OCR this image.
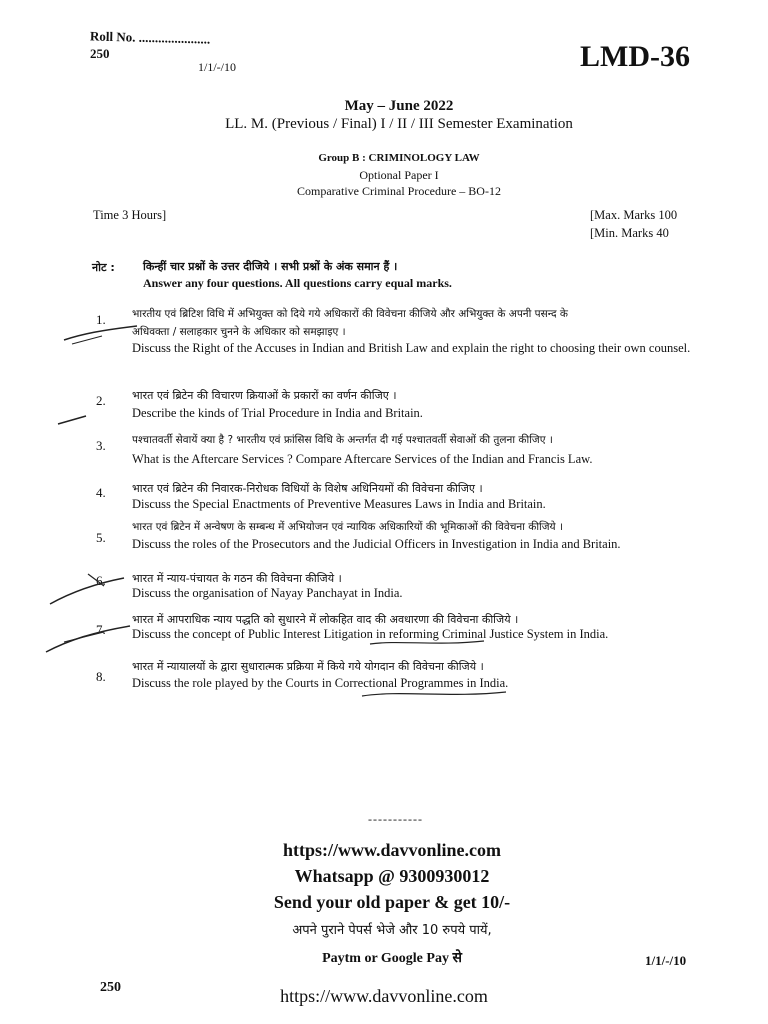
Roll No. ......................
250
1/1/-/10	LMD-36
May – June 2022
LL. M. (Previous / Final) I / II / III Semester Examination
Group B : CRIMINOLOGY LAW
Optional Paper I
Comparative Criminal Procedure – BO-12
Time 3 Hours]	[Max. Marks 100
[Min. Marks 40
नोट :	किन्हीं चार प्रश्नों के उत्तर दीजिये । सभी प्रश्नों के अंक समान हैं ।
Answer any four questions. All questions carry equal marks.
1.	भारतीय एवं ब्रिटिश विधि में अभियुक्त को दिये गये अधिकारों की विवेचना कीजिये और अभियुक्त के अपनी पसन्द के
अधिवक्ता / सलाहकार चुनने के अधिकार को समझाइए ।
Discuss the Right of the Accuses in Indian and British Law and explain the right to choosing their own counsel.
2. भारत एवं ब्रिटेन की विचारण क्रियाओं के प्रकारों का वर्णन कीजिए ।
Describe the kinds of Trial Procedure in India and Britain.
3.	पश्चातवर्ती सेवायें क्या है ? भारतीय एवं फ्रांसिस विधि के अन्तर्गत दी गई पश्चातवर्ती सेवाओं की तुलना कीजिए ।
What is the Aftercare Services ? Compare Aftercare Services of the Indian and Francis Law.
4. भारत एवं ब्रिटेन की निवारक-निरोधक विधियों के विशेष अधिनियमों की विवेचना कीजिए ।
Discuss the Special Enactments of Preventive Measures Laws in India and Britain.
5.
भारत एवं ब्रिटेन में अन्वेषण के सम्बन्ध में अभियोजन एवं न्यायिक अधिकारियों की भूमिकाओं की विवेचना कीजिये ।
Discuss the roles of the Prosecutors and the Judicial Officers in Investigation in India and Britain.
6. भारत में न्याय-पंचायत के गठन की विवेचना कीजिये ।
Discuss the organisation of Nayay Panchayat in India.
7.
भारत में आपराधिक न्याय पद्धति को सुधारने में लोकहित वाद की अवधारणा की विवेचना कीजिये ।
Discuss the concept of Public Interest Litigation in reforming Criminal Justice System in India.
8.
भारत में न्यायालयों के द्वारा सुधारात्मक प्रक्रिया में किये गये योगदान की विवेचना कीजिये ।
Discuss the role played by the Courts in Correctional Programmes in India.
-----------
https://www.davvonline.com
Whatsapp @ 9300930012
Send your old paper & get 10/-
अपने पुराने पेपर्स भेजे और 10 रुपये पायें,
Paytm or Google Pay से	1/1/-/10
250	https://www.davvonline.com
